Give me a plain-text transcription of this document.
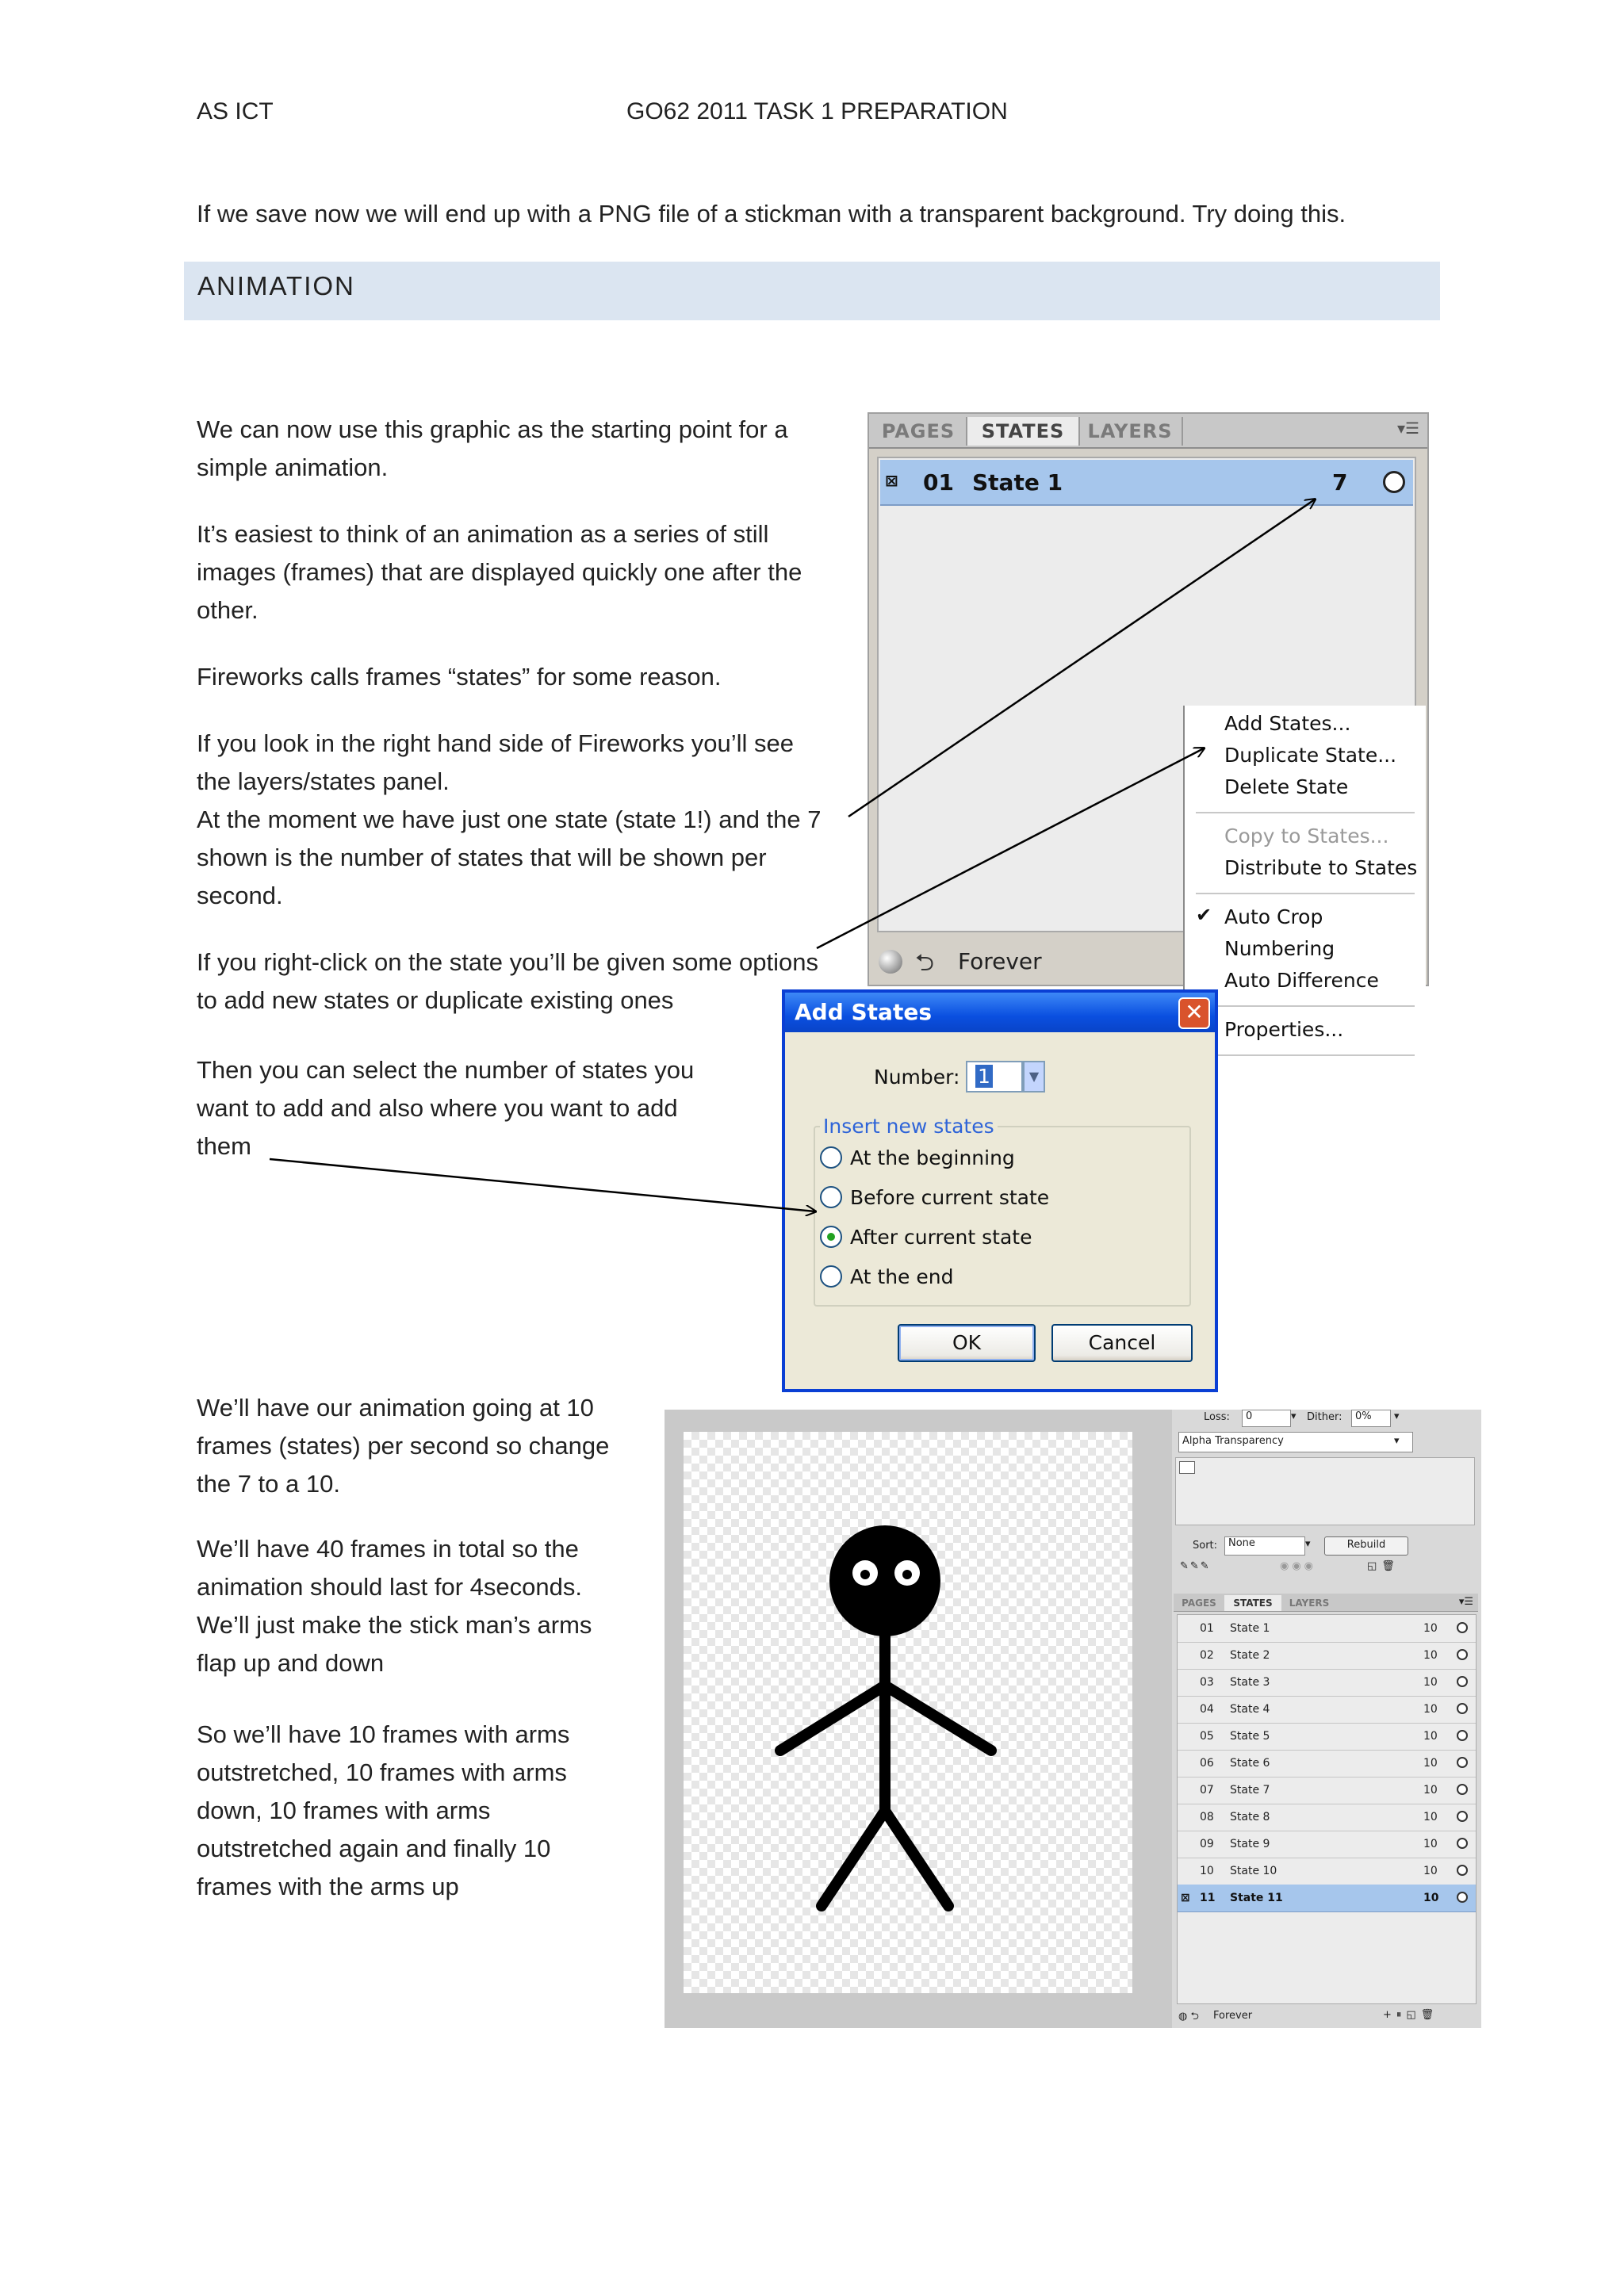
AS ICT	GO62 2011 TASK 1 PREPARATION
If we save now we will end up with a PNG file of a stickman with a transparent background. Try doing this.
ANIMATION
We can now use this graphic as the starting point for a
simple animation.
It’s easiest to think of an animation as a series of still
images (frames) that are displayed quickly one after the
other.
Fireworks calls frames “states” for some reason.
If you look in the right hand side of Fireworks you’ll see
the layers/states panel.
At the moment we have just one state (state 1!) and the 7
shown is the number of states that will be shown per
second.
If you right-click on the state you’ll be given some options
to add new states or duplicate existing ones
Then you can select the number of states you
want to add and also where you want to add
them
We’ll have our animation going at 10
frames (states) per second so change
the 7 to a 10.
We’ll have 40 frames in total so the
animation should last for 4seconds.
We’ll just make the stick man’s arms
flap up and down
So we’ll have 10 frames with arms
outstretched, 10 frames with arms
down, 10 frames with arms
outstretched again and finally 10
frames with the arms up
PAGES	STATES	LAYERS	▾☰
⊠ 01 State 1	7
⮌ Forever
Add States...
Duplicate State...
Delete State
Copy to States...
Distribute to States
✔ Auto Crop
Numbering
Auto Difference
Properties...
Add States	✕
Number: 1	▼
Insert new states
At the beginning
Before current state
After current state
At the end
OK	Cancel
Loss:	0	▾ Dither:	0%	▾
Alpha Transparency	▾
Sort:	None	▾	Rebuild
✎✎✎	◉◉◉	◱🗑
PAGES	STATES	LAYERS	▾☰
01 State 1	10
02 State 2	10
03 State 3	10
04 State 4	10
05 State 5	10
06 State 6	10
07 State 7	10
08 State 8	10
09 State 9	10
10 State 10	10
⊠ 11 State 11	10
◍ ⮌ Forever	+⏸◱🗑
